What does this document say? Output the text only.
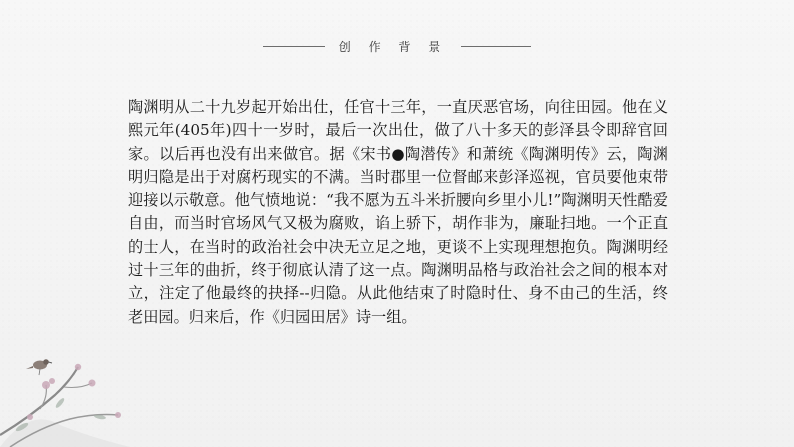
创 作 背 景
陶渊明从二十九岁起开始出仕，任官十三年，一直厌恶官场，向往田园。他在义熙元年(405年)四十一岁时，最后一次出仕，做了八十多天的彭泽县令即辞官回家。以后再也没有出来做官。据《宋书●陶潜传》和萧统《陶渊明传》云，陶渊明归隐是出于对腐朽现实的不满。当时郡里一位督邮来彭泽巡视，官员要他束带迎接以示敬意。他气愤地说：“我不愿为五斗米折腰向乡里小儿!”陶渊明天性酷爱自由，而当时官场风气又极为腐败，谄上骄下，胡作非为，廉耻扫地。一个正直的士人，在当时的政治社会中决无立足之地，更谈不上实现理想抱负。陶渊明经过十三年的曲折，终于彻底认清了这一点。陶渊明品格与政治社会之间的根本对立，注定了他最终的抉择--归隐。从此他结束了时隐时仕、身不由己的生活，终老田园。归来后，作《归园田居》诗一组。
